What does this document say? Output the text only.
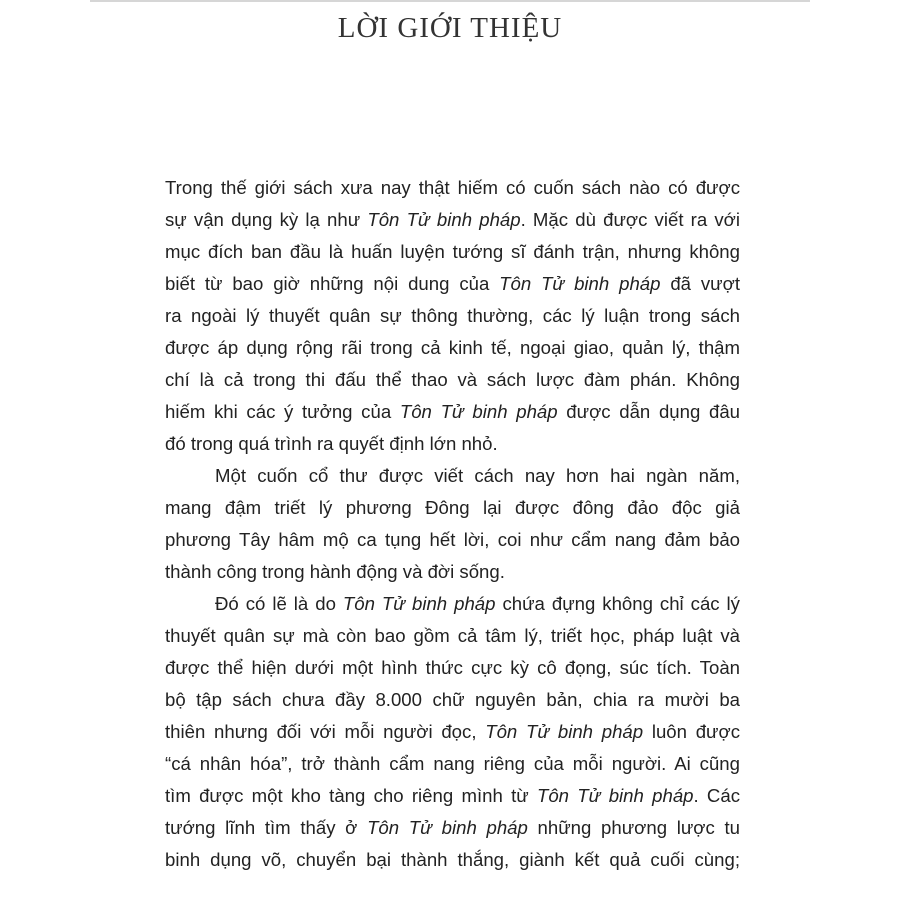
LỜI GIỚI THIỆU
Trong thế giới sách xưa nay thật hiếm có cuốn sách nào có được
sự vận dụng kỳ lạ như Tôn Tử binh pháp. Mặc dù được viết ra với
mục đích ban đầu là huấn luyện tướng sĩ đánh trận, nhưng không
biết từ bao giờ những nội dung của Tôn Tử binh pháp đã vượt
ra ngoài lý thuyết quân sự thông thường, các lý luận trong sách
được áp dụng rộng rãi trong cả kinh tế, ngoại giao, quản lý, thậm
chí là cả trong thi đấu thể thao và sách lược đàm phán. Không
hiếm khi các ý tưởng của Tôn Tử binh pháp được dẫn dụng đâu
đó trong quá trình ra quyết định lớn nhỏ.
Một cuốn cổ thư được viết cách nay hơn hai ngàn năm,
mang đậm triết lý phương Đông lại được đông đảo độc giả
phương Tây hâm mộ ca tụng hết lời, coi như cẩm nang đảm bảo
thành công trong hành động và đời sống.
Đó có lẽ là do Tôn Tử binh pháp chứa đựng không chỉ các lý
thuyết quân sự mà còn bao gồm cả tâm lý, triết học, pháp luật và
được thể hiện dưới một hình thức cực kỳ cô đọng, súc tích. Toàn
bộ tập sách chưa đầy 8.000 chữ nguyên bản, chia ra mười ba
thiên nhưng đối với mỗi người đọc, Tôn Tử binh pháp luôn được
“cá nhân hóa”, trở thành cẩm nang riêng của mỗi người. Ai cũng
tìm được một kho tàng cho riêng mình từ Tôn Tử binh pháp. Các
tướng lĩnh tìm thấy ở Tôn Tử binh pháp những phương lược tu
binh dụng võ, chuyển bại thành thắng, giành kết quả cuối cùng;
